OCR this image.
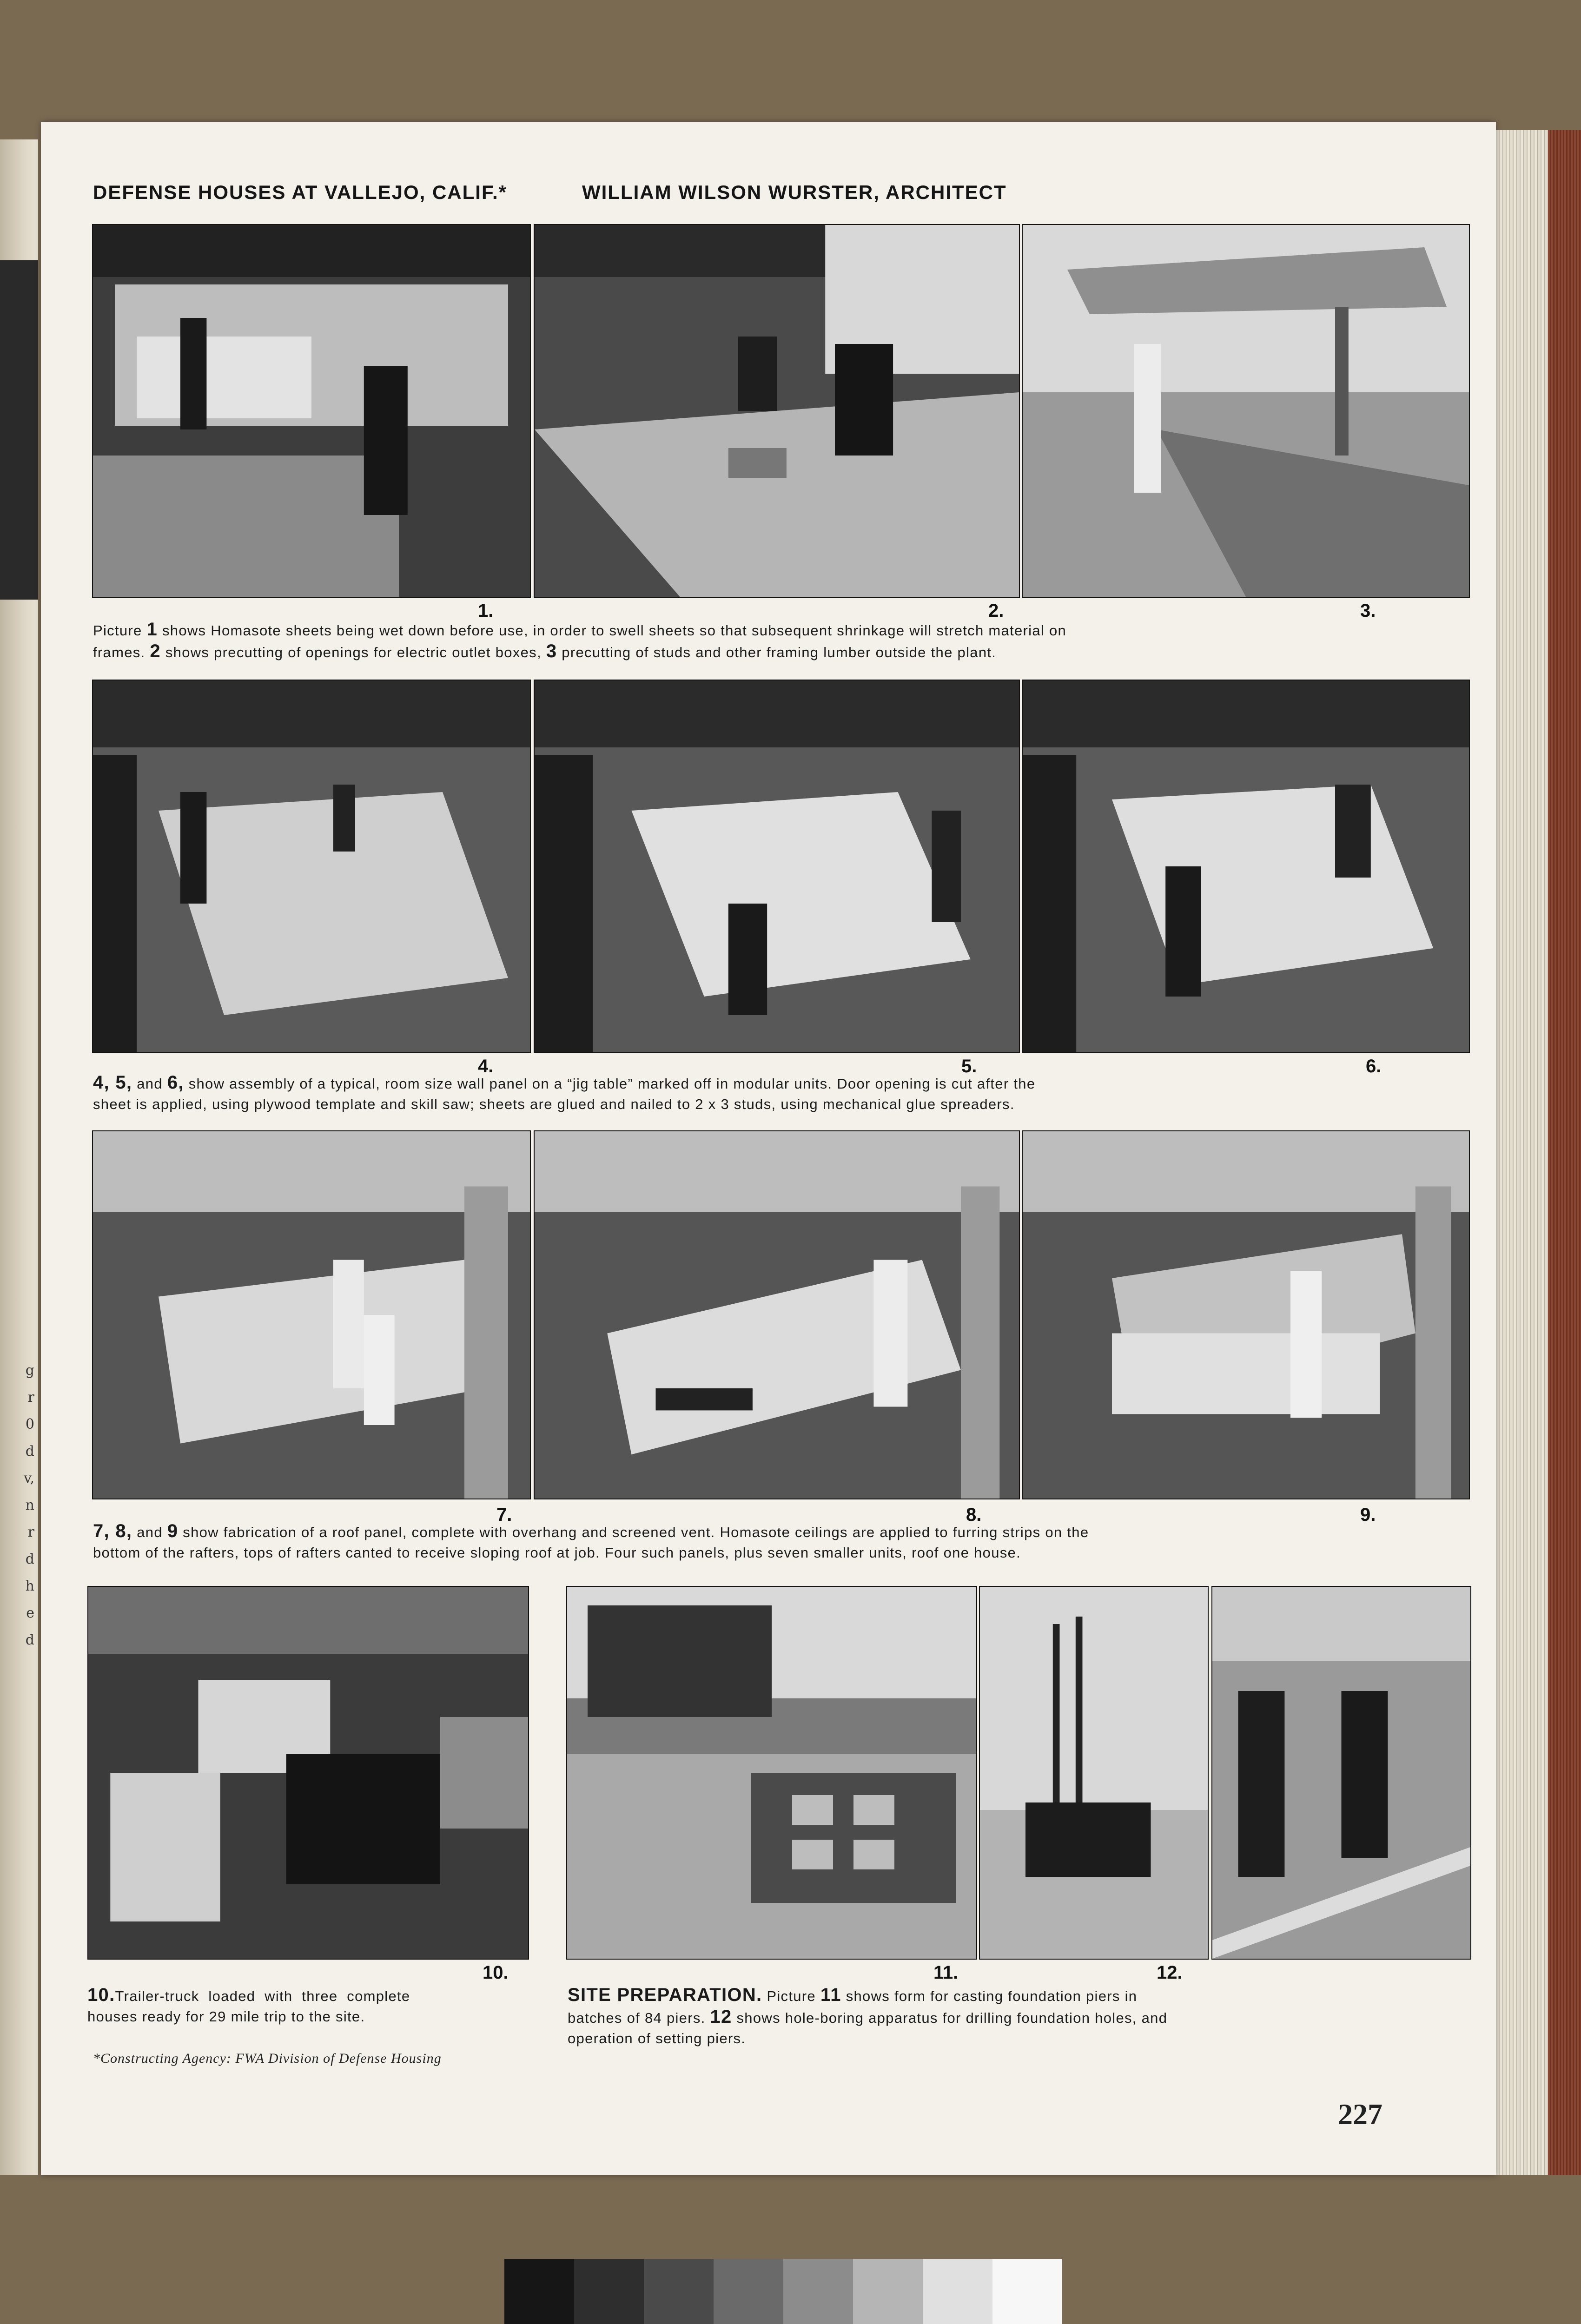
g
r
0
d
v,
n
r
d
h
e
d
DEFENSE HOUSES AT VALLEJO, CALIF.*	WILLIAM WILSON WURSTER, ARCHITECT
1.	2.	3.
Picture 1 shows Homasote sheets being wet down before use, in order to swell sheets so that subsequent shrinkage will stretch material on
frames. 2 shows precutting of openings for electric outlet boxes, 3 precutting of studs and other framing lumber outside the plant.
4.	5.	6.
4, 5, and 6, show assembly of a typical, room size wall panel on a “jig table” marked off in modular units. Door opening is cut after the
sheet is applied, using plywood template and skill saw; sheets are glued and nailed to 2 x 3 studs, using mechanical glue spreaders.
7.	8.	9.
7, 8, and 9 show fabrication of a roof panel, complete with overhang and screened vent. Homasote ceilings are applied to furring strips on the
bottom of the rafters, tops of rafters canted to receive sloping roof at job. Four such panels, plus seven smaller units, roof one house.
10.	11.	12.
10.Trailer-truck  loaded  with  three  complete
houses ready for 29 mile trip to the site.
SITE PREPARATION. Picture 11 shows form for casting foundation piers in
batches of 84 piers. 12 shows hole-boring apparatus for drilling foundation holes, and
operation of setting piers.
*Constructing Agency: FWA Division of Defense Housing
227
